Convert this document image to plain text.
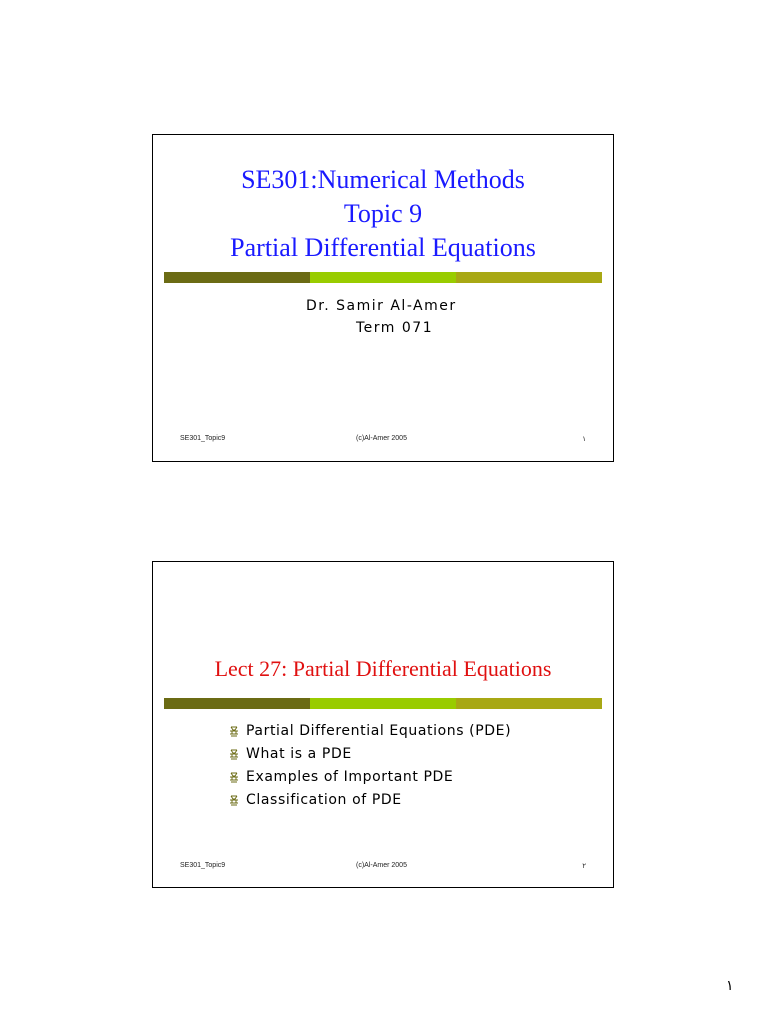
SE301:Numerical Methods
Topic 9
Partial Differential Equations
Dr. Samir Al-Amer
Term 071
SE301_Topic9	(c)Al-Amer 2005	١
Lect 27: Partial Differential Equations
Partial Differential Equations (PDE)
What is a PDE
Examples of Important PDE
Classification of PDE
SE301_Topic9	(c)Al-Amer 2005	٢
١
